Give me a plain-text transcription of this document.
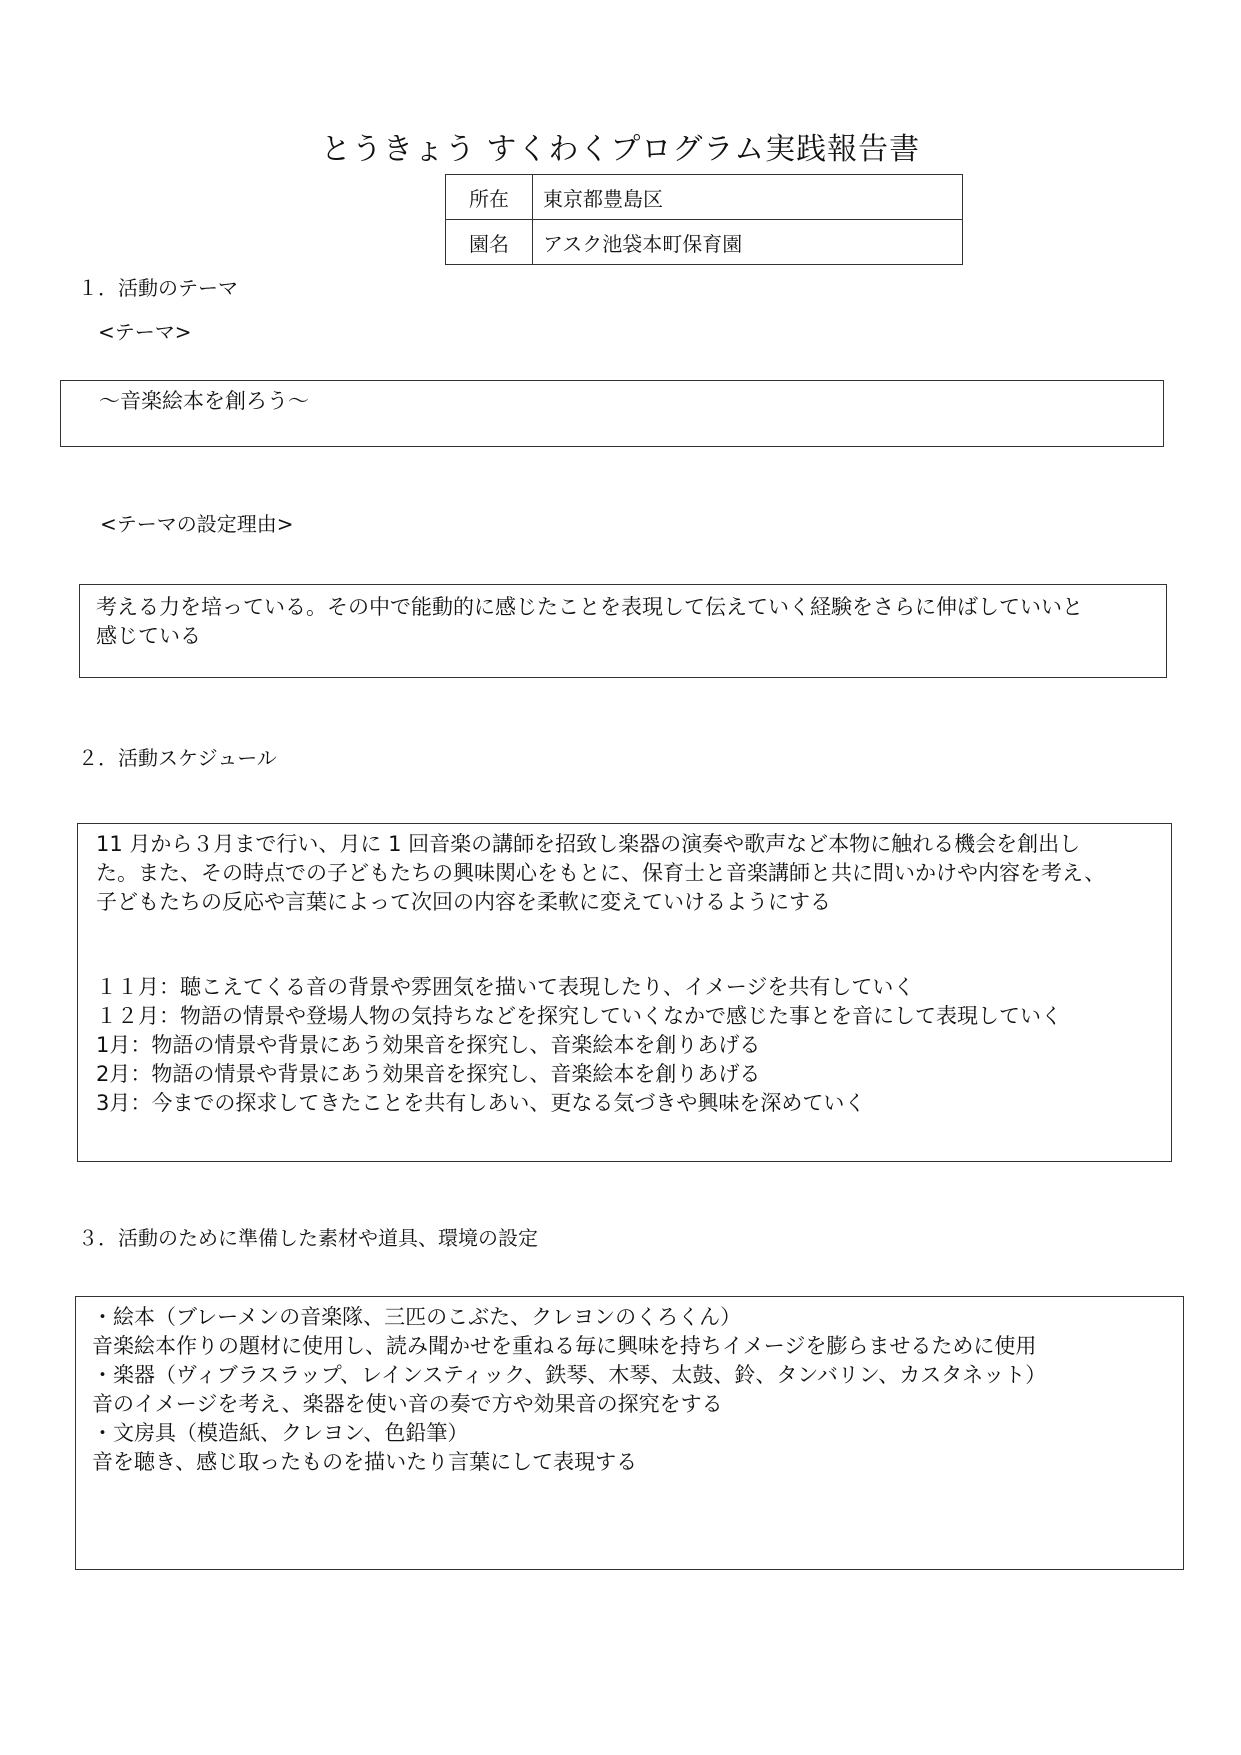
とうきょう すくわくプログラム実践報告書
所在	東京都豊島区
園名	アスク池袋本町保育園
１．活動のテーマ
<テーマ>
～音楽絵本を創ろう～
<テーマの設定理由>
考える力を培っている。その中で能動的に感じたことを表現して伝えていく経験をさらに伸ばしていいと
感じている
２．活動スケジュール
11 月から３月まで行い、月に 1 回音楽の講師を招致し楽器の演奏や歌声など本物に触れる機会を創出し
た。また、その時点での子どもたちの興味関心をもとに、保育士と音楽講師と共に問いかけや内容を考え、
子どもたちの反応や言葉によって次回の内容を柔軟に変えていけるようにする
１１月：聴こえてくる音の背景や雰囲気を描いて表現したり、イメージを共有していく
１２月：物語の情景や登場人物の気持ちなどを探究していくなかで感じた事とを音にして表現していく
1月：物語の情景や背景にあう効果音を探究し、音楽絵本を創りあげる
2月：物語の情景や背景にあう効果音を探究し、音楽絵本を創りあげる
3月：今までの探求してきたことを共有しあい、更なる気づきや興味を深めていく
３．活動のために準備した素材や道具、環境の設定
・絵本（ブレーメンの音楽隊、三匹のこぶた、クレヨンのくろくん）
音楽絵本作りの題材に使用し、読み聞かせを重ねる毎に興味を持ちイメージを膨らませるために使用
・楽器（ヴィブラスラップ、レインスティック、鉄琴、木琴、太鼓、鈴、タンバリン、カスタネット）
音のイメージを考え、楽器を使い音の奏で方や効果音の探究をする
・文房具（模造紙、クレヨン、色鉛筆）
音を聴き、感じ取ったものを描いたり言葉にして表現する
